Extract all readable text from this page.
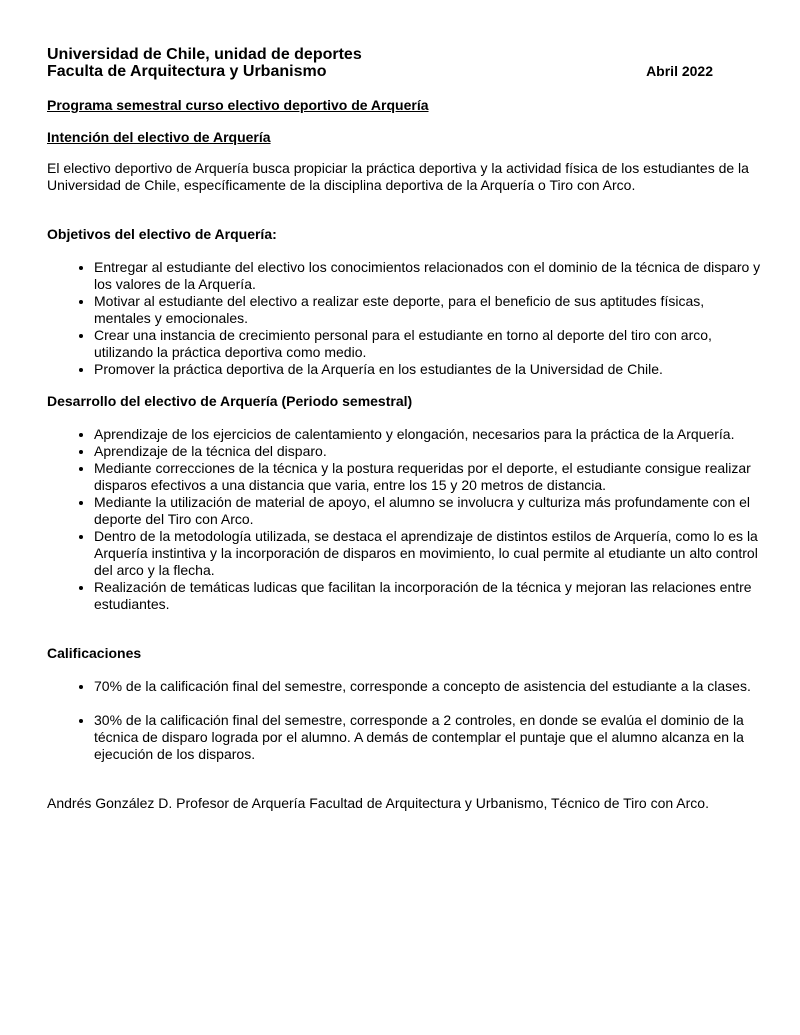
Universidad de Chile, unidad de deportes

Faculta de Arquitectura y Urbanismo	Abril 2022

Programa semestral curso electivo deportivo de Arquería

Intención del electivo de Arquería

El electivo deportivo de Arquería busca propiciar la práctica deportiva y la actividad física de los estudiantes de la Universidad de Chile, específicamente de la disciplina deportiva de la Arquería o Tiro con Arco.

Objetivos del electivo de Arquería:

• Entregar al estudiante del electivo los conocimientos relacionados con el dominio de la técnica de disparo y los valores de la Arquería.
• Motivar al estudiante del electivo a realizar este deporte, para el beneficio de sus aptitudes físicas, mentales y emocionales.
• Crear una instancia de crecimiento personal para el estudiante en torno al deporte del tiro con arco, utilizando la práctica deportiva como medio.
• Promover la práctica deportiva de la Arquería en los estudiantes de la Universidad de Chile.

Desarrollo del electivo de Arquería (Periodo semestral)

• Aprendizaje de los ejercicios de calentamiento y elongación, necesarios para la práctica de la Arquería.
• Aprendizaje de la técnica del disparo.
• Mediante correcciones de la técnica y la postura requeridas por el deporte, el estudiante consigue realizar disparos efectivos a una distancia que varia, entre los 15 y 20 metros de distancia.
• Mediante la utilización de material de apoyo, el alumno se involucra y culturiza más profundamente con el deporte del Tiro con Arco.
• Dentro de la metodología utilizada, se destaca el aprendizaje de distintos estilos de Arquería, como lo es la Arquería instintiva y la incorporación de disparos en movimiento, lo cual permite al etudiante un alto control del arco y la flecha.
• Realización de temáticas ludicas que facilitan la incorporación de la técnica y mejoran las relaciones entre estudiantes.

Calificaciones

• 70% de la calificación final del semestre, corresponde a concepto de asistencia del estudiante a la clases.
• 30% de la calificación final del semestre, corresponde a 2 controles, en donde se evalúa el dominio de la técnica de disparo lograda por el alumno. A demás de contemplar el puntaje que el alumno alcanza en la ejecución de los disparos.

Andrés González D. Profesor de Arquería Facultad de Arquitectura y Urbanismo, Técnico de Tiro con Arco.
